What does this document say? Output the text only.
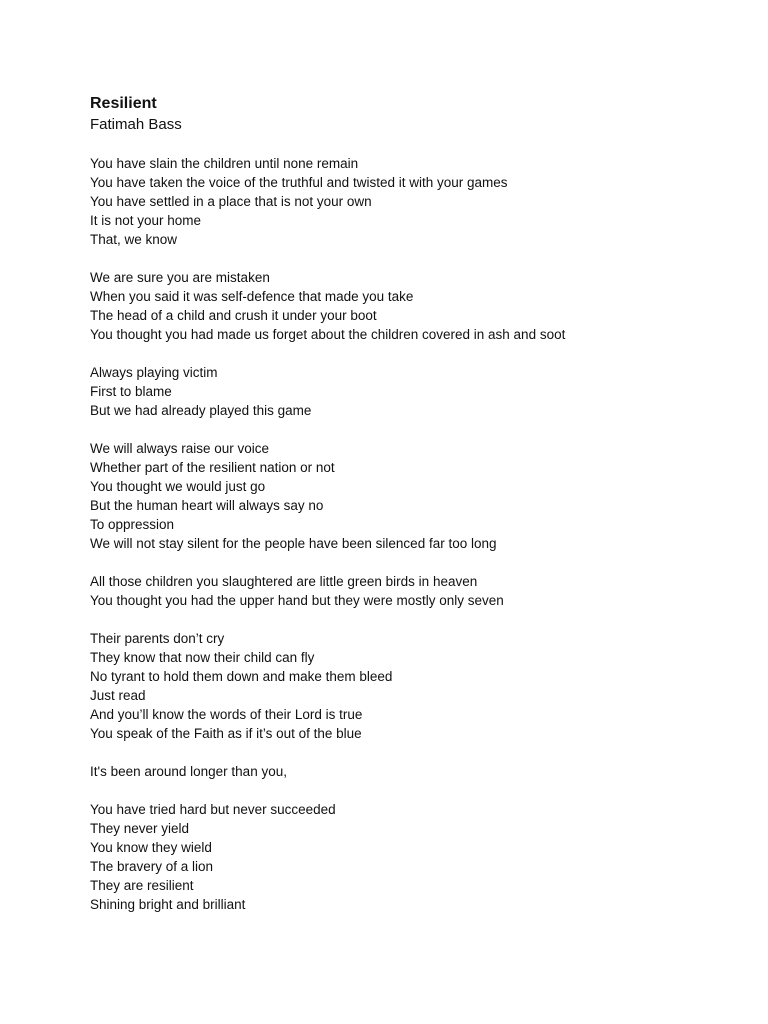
Resilient
Fatimah Bass
You have slain the children until none remain
You have taken the voice of the truthful and twisted it with your games
You have settled in a place that is not your own
It is not your home
That, we know
We are sure you are mistaken
When you said it was self-defence that made you take
The head of a child and crush it under your boot
You thought you had made us forget about the children covered in ash and soot
Always playing victim
First to blame
But we had already played this game
We will always raise our voice
Whether part of the resilient nation or not
You thought we would just go
But the human heart will always say no
To oppression
We will not stay silent for the people have been silenced far too long
All those children you slaughtered are little green birds in heaven
You thought you had the upper hand but they were mostly only seven
Their parents don’t cry
They know that now their child can fly
No tyrant to hold them down and make them bleed
Just read
And you’ll know the words of their Lord is true
You speak of the Faith as if it’s out of the blue
It's been around longer than you,
You have tried hard but never succeeded
They never yield
You know they wield
The bravery of a lion
They are resilient
Shining bright and brilliant
